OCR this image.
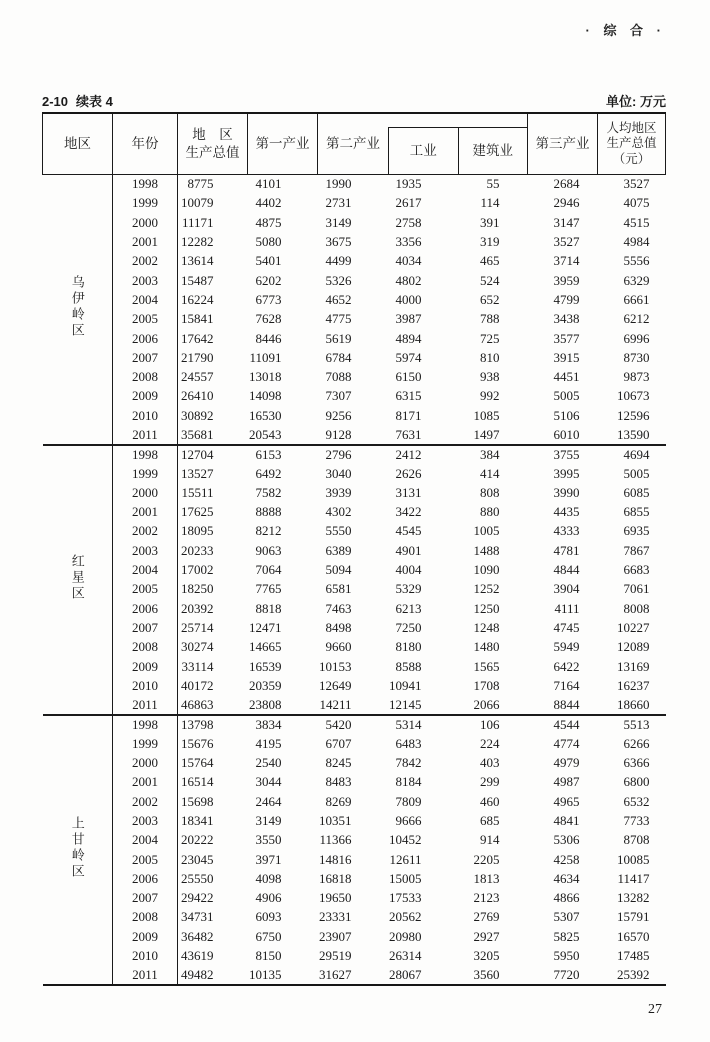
· 综 合 ·
2-10 续表 4	单位: 万元
地区	年份	
地　区
生产总值
	第一产业	第二产业	工业	建筑业	第三产业	
人均地区
生产总值
（元）

乌伊岭区	1998	8775	4101	1990	1935	55	2684	3527
	1999	10079	4402	2731	2617	114	2946	4075
	2000	11171	4875	3149	2758	391	3147	4515
	2001	12282	5080	3675	3356	319	3527	4984
	2002	13614	5401	4499	4034	465	3714	5556
	2003	15487	6202	5326	4802	524	3959	6329
	2004	16224	6773	4652	4000	652	4799	6661
	2005	15841	7628	4775	3987	788	3438	6212
	2006	17642	8446	5619	4894	725	3577	6996
	2007	21790	11091	6784	5974	810	3915	8730
	2008	24557	13018	7088	6150	938	4451	9873
	2009	26410	14098	7307	6315	992	5005	10673
	2010	30892	16530	9256	8171	1085	5106	12596
	2011	35681	20543	9128	7631	1497	6010	13590
红星区	1998	12704	6153	2796	2412	384	3755	4694
	1999	13527	6492	3040	2626	414	3995	5005
	2000	15511	7582	3939	3131	808	3990	6085
	2001	17625	8888	4302	3422	880	4435	6855
	2002	18095	8212	5550	4545	1005	4333	6935
	2003	20233	9063	6389	4901	1488	4781	7867
	2004	17002	7064	5094	4004	1090	4844	6683
	2005	18250	7765	6581	5329	1252	3904	7061
	2006	20392	8818	7463	6213	1250	4111	8008
	2007	25714	12471	8498	7250	1248	4745	10227
	2008	30274	14665	9660	8180	1480	5949	12089
	2009	33114	16539	10153	8588	1565	6422	13169
	2010	40172	20359	12649	10941	1708	7164	16237
	2011	46863	23808	14211	12145	2066	8844	18660
上甘岭区	1998	13798	3834	5420	5314	106	4544	5513
	1999	15676	4195	6707	6483	224	4774	6266
	2000	15764	2540	8245	7842	403	4979	6366
	2001	16514	3044	8483	8184	299	4987	6800
	2002	15698	2464	8269	7809	460	4965	6532
	2003	18341	3149	10351	9666	685	4841	7733
	2004	20222	3550	11366	10452	914	5306	8708
	2005	23045	3971	14816	12611	2205	4258	10085
	2006	25550	4098	16818	15005	1813	4634	11417
	2007	29422	4906	19650	17533	2123	4866	13282
	2008	34731	6093	23331	20562	2769	5307	15791
	2009	36482	6750	23907	20980	2927	5825	16570
	2010	43619	8150	29519	26314	3205	5950	17485
	2011	49482	10135	31627	28067	3560	7720	25392
27
